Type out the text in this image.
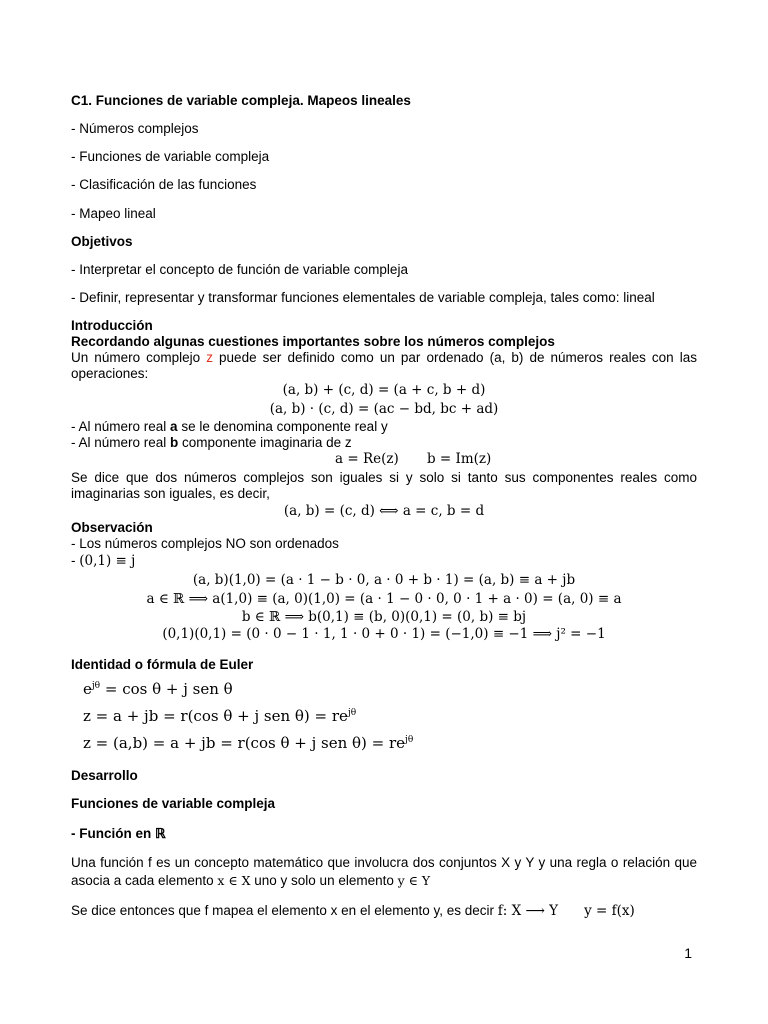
C1. Funciones de variable compleja. Mapeos lineales
- Números complejos
- Funciones de variable compleja
- Clasificación de las funciones
- Mapeo lineal
Objetivos
- Interpretar el concepto de función de variable compleja
- Definir, representar y transformar funciones elementales de variable compleja, tales como: lineal
Introducción
Recordando algunas cuestiones importantes sobre los números complejos
Un número complejo z puede ser definido como un par ordenado (a, b) de números reales con las
operaciones:
(a, b) + (c, d) = (a + c, b + d)
(a, b) · (c, d) = (ac − bd, bc + ad)
- Al número real a se le denomina componente real y
- Al número real b componente imaginaria de z
a = Re(z) b = Im(z)
Se dice que dos números complejos son iguales si y solo si tanto sus componentes reales como
imaginarias son iguales, es decir,
(a, b) = (c, d) ⟺ a = c, b = d
Observación
- Los números complejos NO son ordenados
- (0,1) ≡ j
(a, b)(1,0) = (a · 1 − b · 0, a · 0 + b · 1) = (a, b) ≡ a + jb
a ∈ ℝ ⟹ a(1,0) ≡ (a, 0)(1,0) = (a · 1 − 0 · 0, 0 · 1 + a · 0) = (a, 0) ≡ a
b ∈ ℝ ⟹ b(0,1) ≡ (b, 0)(0,1) = (0, b) ≡ bj
(0,1)(0,1) = (0 · 0 − 1 · 1, 1 · 0 + 0 · 1) = (−1,0) ≡ −1 ⟹ j² = −1
Identidad o fórmula de Euler
$e^{j\theta} = \cos \theta + j$ sen θ
z = a + jb = r(cos θ + j sen $\theta) = re^{j\theta}$
z = (a,b) = a + jb = r(cos θ + j sen $\theta) = re^{j\theta}$
Desarrollo
Funciones de variable compleja
- Función en ℝ
Una función f es un concepto matemático que involucra dos conjuntos X y Y y una regla o relación que
asocia a cada elemento x ∈ X uno y solo un elemento y ∈ Y
Se dice entonces que f mapea el elemento x en el elemento y, es decir f: X ⟶ Y y = f(x)
1
